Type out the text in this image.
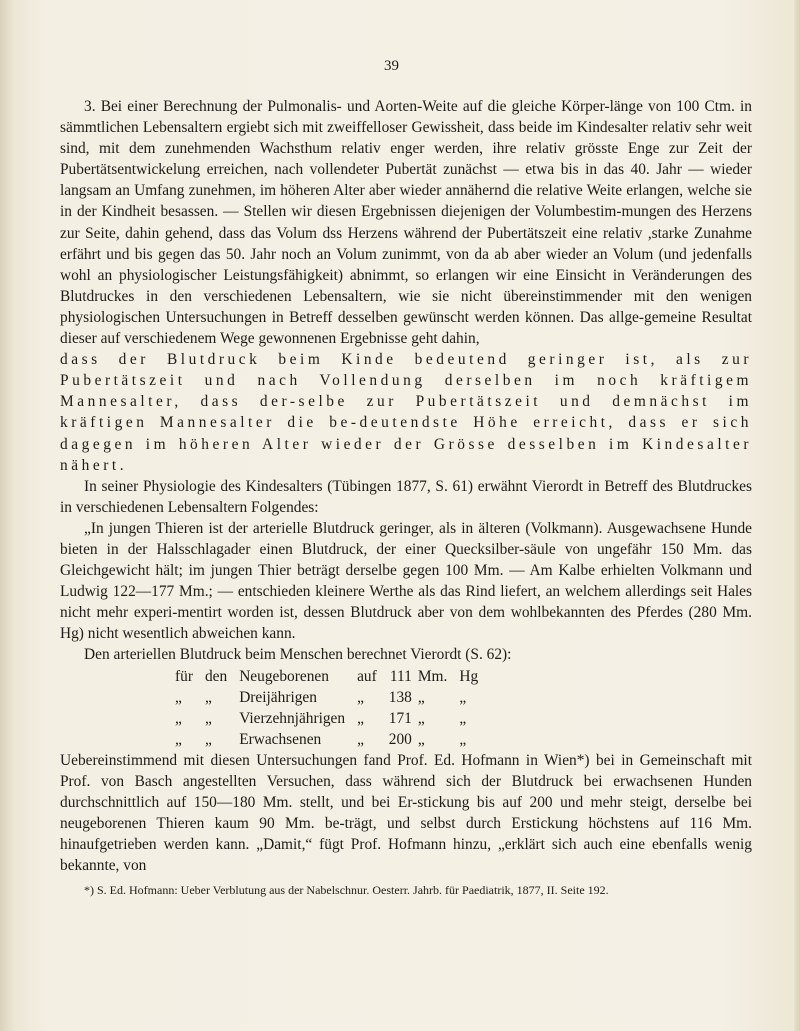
39

3. Bei einer Berechnung der Pulmonalis- und Aorten-Weite auf die gleiche Körper-länge von 100 Ctm. in sämmtlichen Lebensaltern ergiebt sich mit zweiffelloser Gewissheit, dass beide im Kindesalter relativ sehr weit sind, mit dem zunehmenden Wachsthum relativ enger werden, ihre relativ grösste Enge zur Zeit der Pubertätsentwickelung erreichen, nach vollendeter Pubertät zunächst — etwa bis in das 40. Jahr — wieder langsam an Umfang zunehmen, im höheren Alter aber wieder annähernd die relative Weite erlangen, welche sie in der Kindheit besassen. — Stellen wir diesen Ergebnissen diejenigen der Volumbestim-mungen des Herzens zur Seite, dahin gehend, dass das Volum dss Herzens während der Pubertätszeit eine relativ ,starke Zunahme erfährt und bis gegen das 50. Jahr noch an Volum zunimmt, von da ab aber wieder an Volum (und jedenfalls wohl an physiologischer Leistungsfähigkeit) abnimmt, so erlangen wir eine Einsicht in Veränderungen des Blutdruckes in den verschiedenen Lebensaltern, wie sie nicht übereinstimmender mit den wenigen physiologischen Untersuchungen in Betreff desselben gewünscht werden können. Das allge-gemeine Resultat dieser auf verschiedenem Wege gewonnenen Ergebnisse geht dahin,

dass der Blutdruck beim Kinde bedeutend geringer ist, als zur Pubertätszeit und nach Vollendung derselben im noch kräftigem Mannesalter, dass der-selbe zur Pubertätszeit und demnächst im kräftigen Mannesalter die be-deutendste Höhe erreicht, dass er sich dagegen im höheren Alter wieder der Grösse desselben im Kindesalter nähert.

In seiner Physiologie des Kindesalters (Tübingen 1877, S. 61) erwähnt Vierordt in Betreff des Blutdruckes in verschiedenen Lebensaltern Folgendes:

„In jungen Thieren ist der arterielle Blutdruck geringer, als in älteren (Volkmann). Ausgewachsene Hunde bieten in der Halsschlagader einen Blutdruck, der einer Quecksilber-säule von ungefähr 150 Mm. das Gleichgewicht hält; im jungen Thier beträgt derselbe gegen 100 Mm. — Am Kalbe erhielten Volkmann und Ludwig 122—177 Mm.; — entschieden kleinere Werthe als das Rind liefert, an welchem allerdings seit Hales nicht mehr experi-mentirt worden ist, dessen Blutdruck aber von dem wohlbekannten des Pferdes (280 Mm. Hg) nicht wesentlich abweichen kann.

Den arteriellen Blutdruck beim Menschen berechnet Vierordt (S. 62):

für	den	Neugeborenen	auf	111	Mm.	Hg
„	„	Dreijährigen	„	138	„	„
„	„	Vierzehnjährigen	„	171	„	„
„	„	Erwachsenen	„	200	„	„

Uebereinstimmend mit diesen Untersuchungen fand Prof. Ed. Hofmann in Wien*) bei in Gemeinschaft mit Prof. von Basch angestellten Versuchen, dass während sich der Blutdruck bei erwachsenen Hunden durchschnittlich auf 150—180 Mm. stellt, und bei Er-stickung bis auf 200 und mehr steigt, derselbe bei neugeborenen Thieren kaum 90 Mm. be-trägt, und selbst durch Erstickung höchstens auf 116 Mm. hinaufgetrieben werden kann. „Damit,“ fügt Prof. Hofmann hinzu, „erklärt sich auch eine ebenfalls wenig bekannte, von

*) S. Ed. Hofmann: Ueber Verblutung aus der Nabelschnur. Oesterr. Jahrb. für Paediatrik, 1877, II. Seite 192.
